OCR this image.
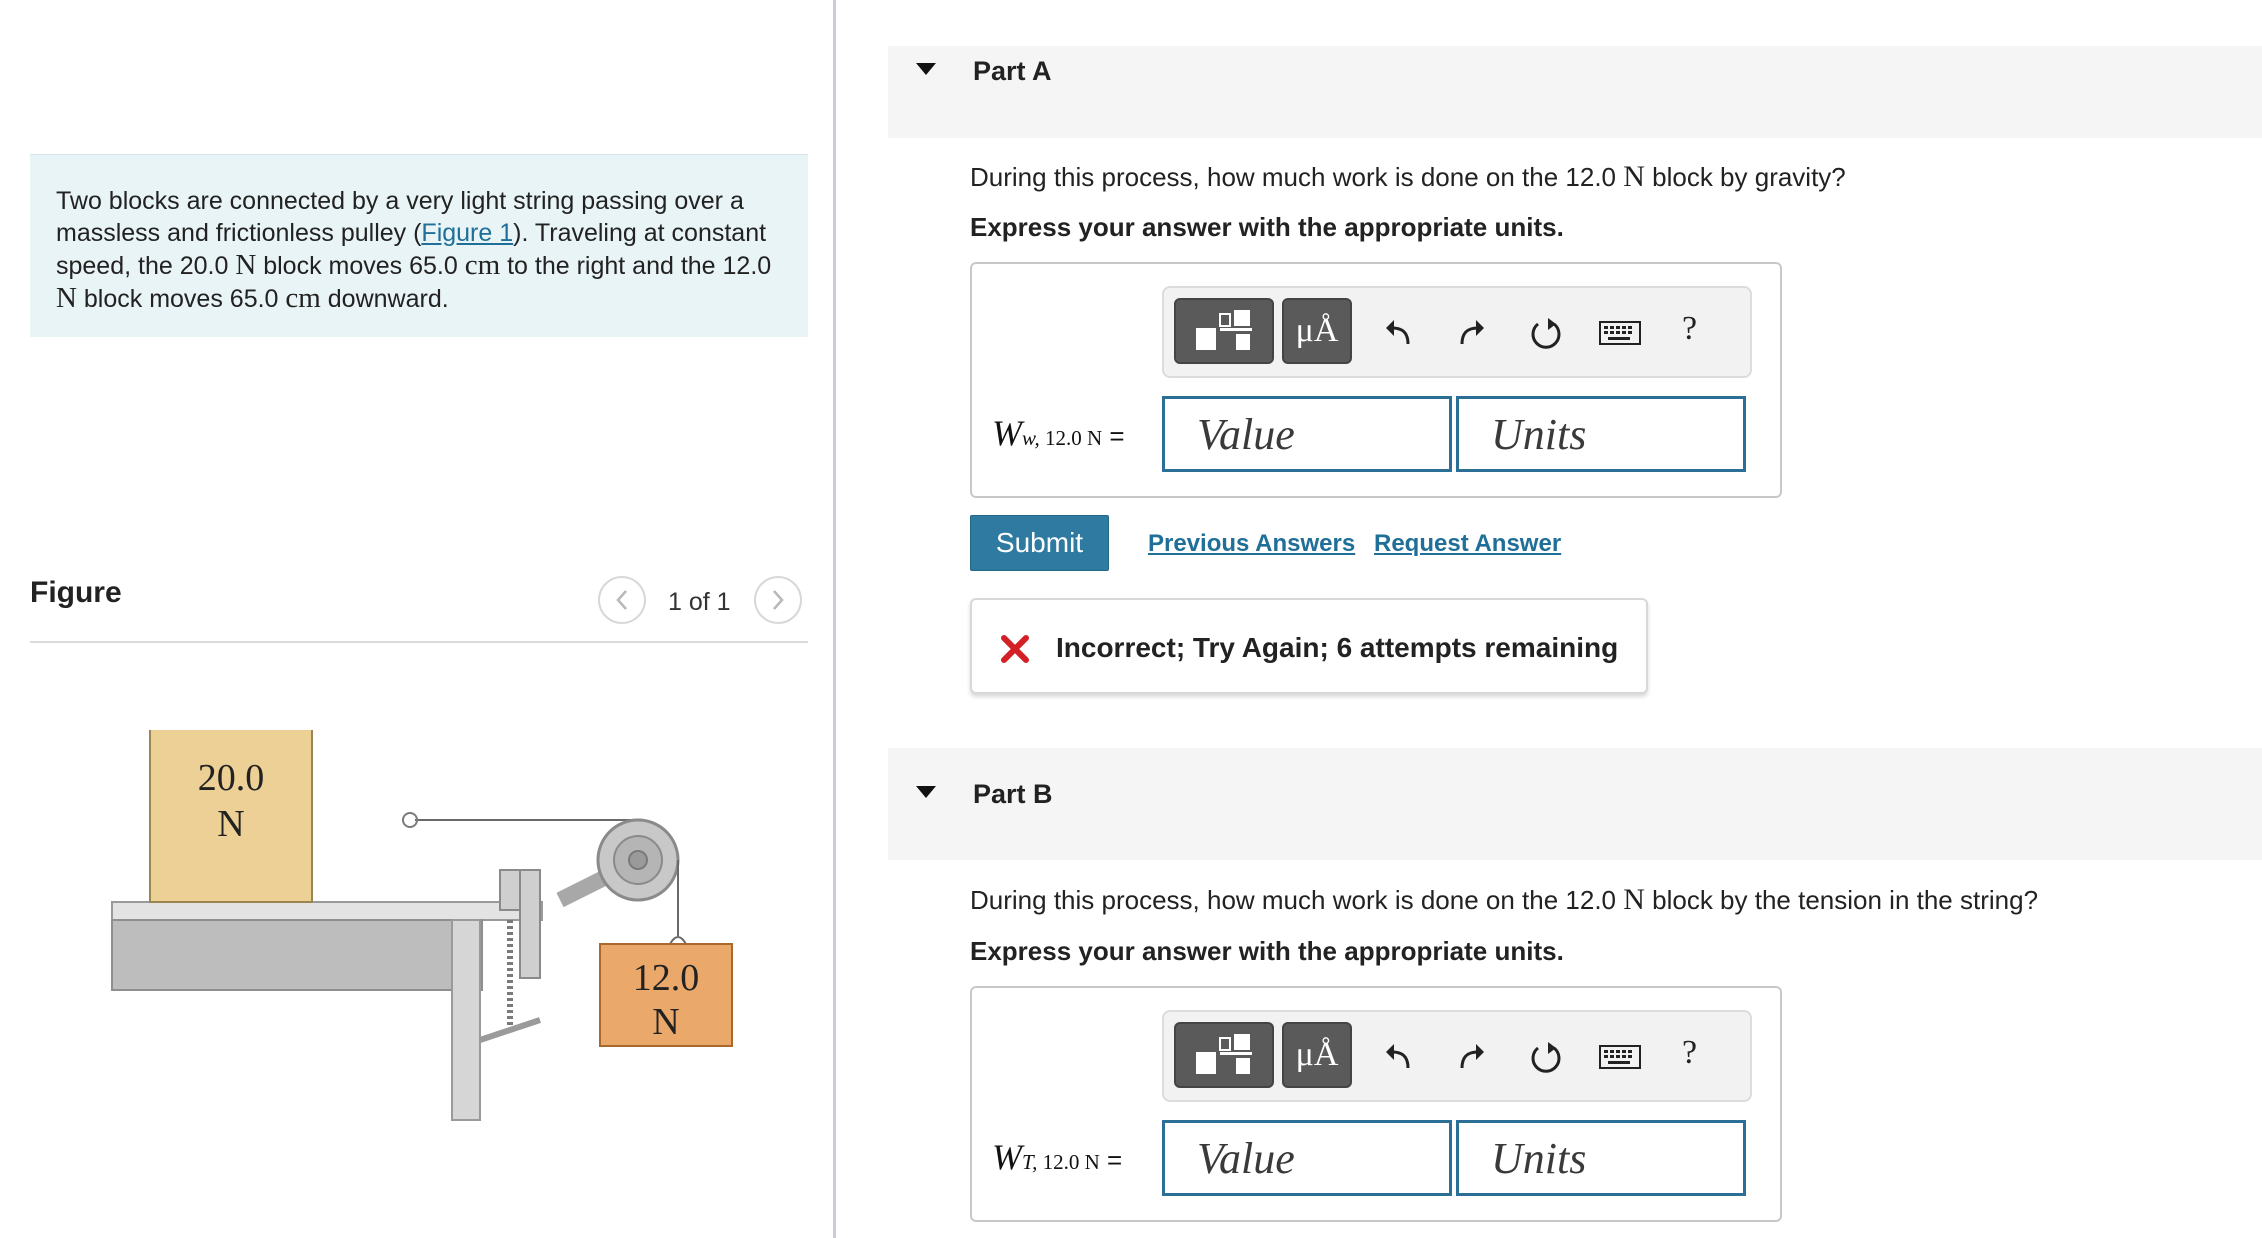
Two blocks are connected by a very light string passing over a massless and frictionless pulley (Figure 1). Traveling at constant speed, the 20.0 N block moves 65.0 cm to the right and the 12.0 N block moves 65.0 cm downward.
Figure	1 of 1
20.0
N
12.0
N
Part A
During this process, how much work is done on the 12.0 N block by gravity?
Express your answer with the appropriate units.
μÅ	?
Ww, 12.0 N = Value	Units
Submit	Previous Answers Request Answer
Incorrect; Try Again; 6 attempts remaining
Part B
During this process, how much work is done on the 12.0 N block by the tension in the string?
Express your answer with the appropriate units.
μÅ	?
WT, 12.0 N = Value	Units
